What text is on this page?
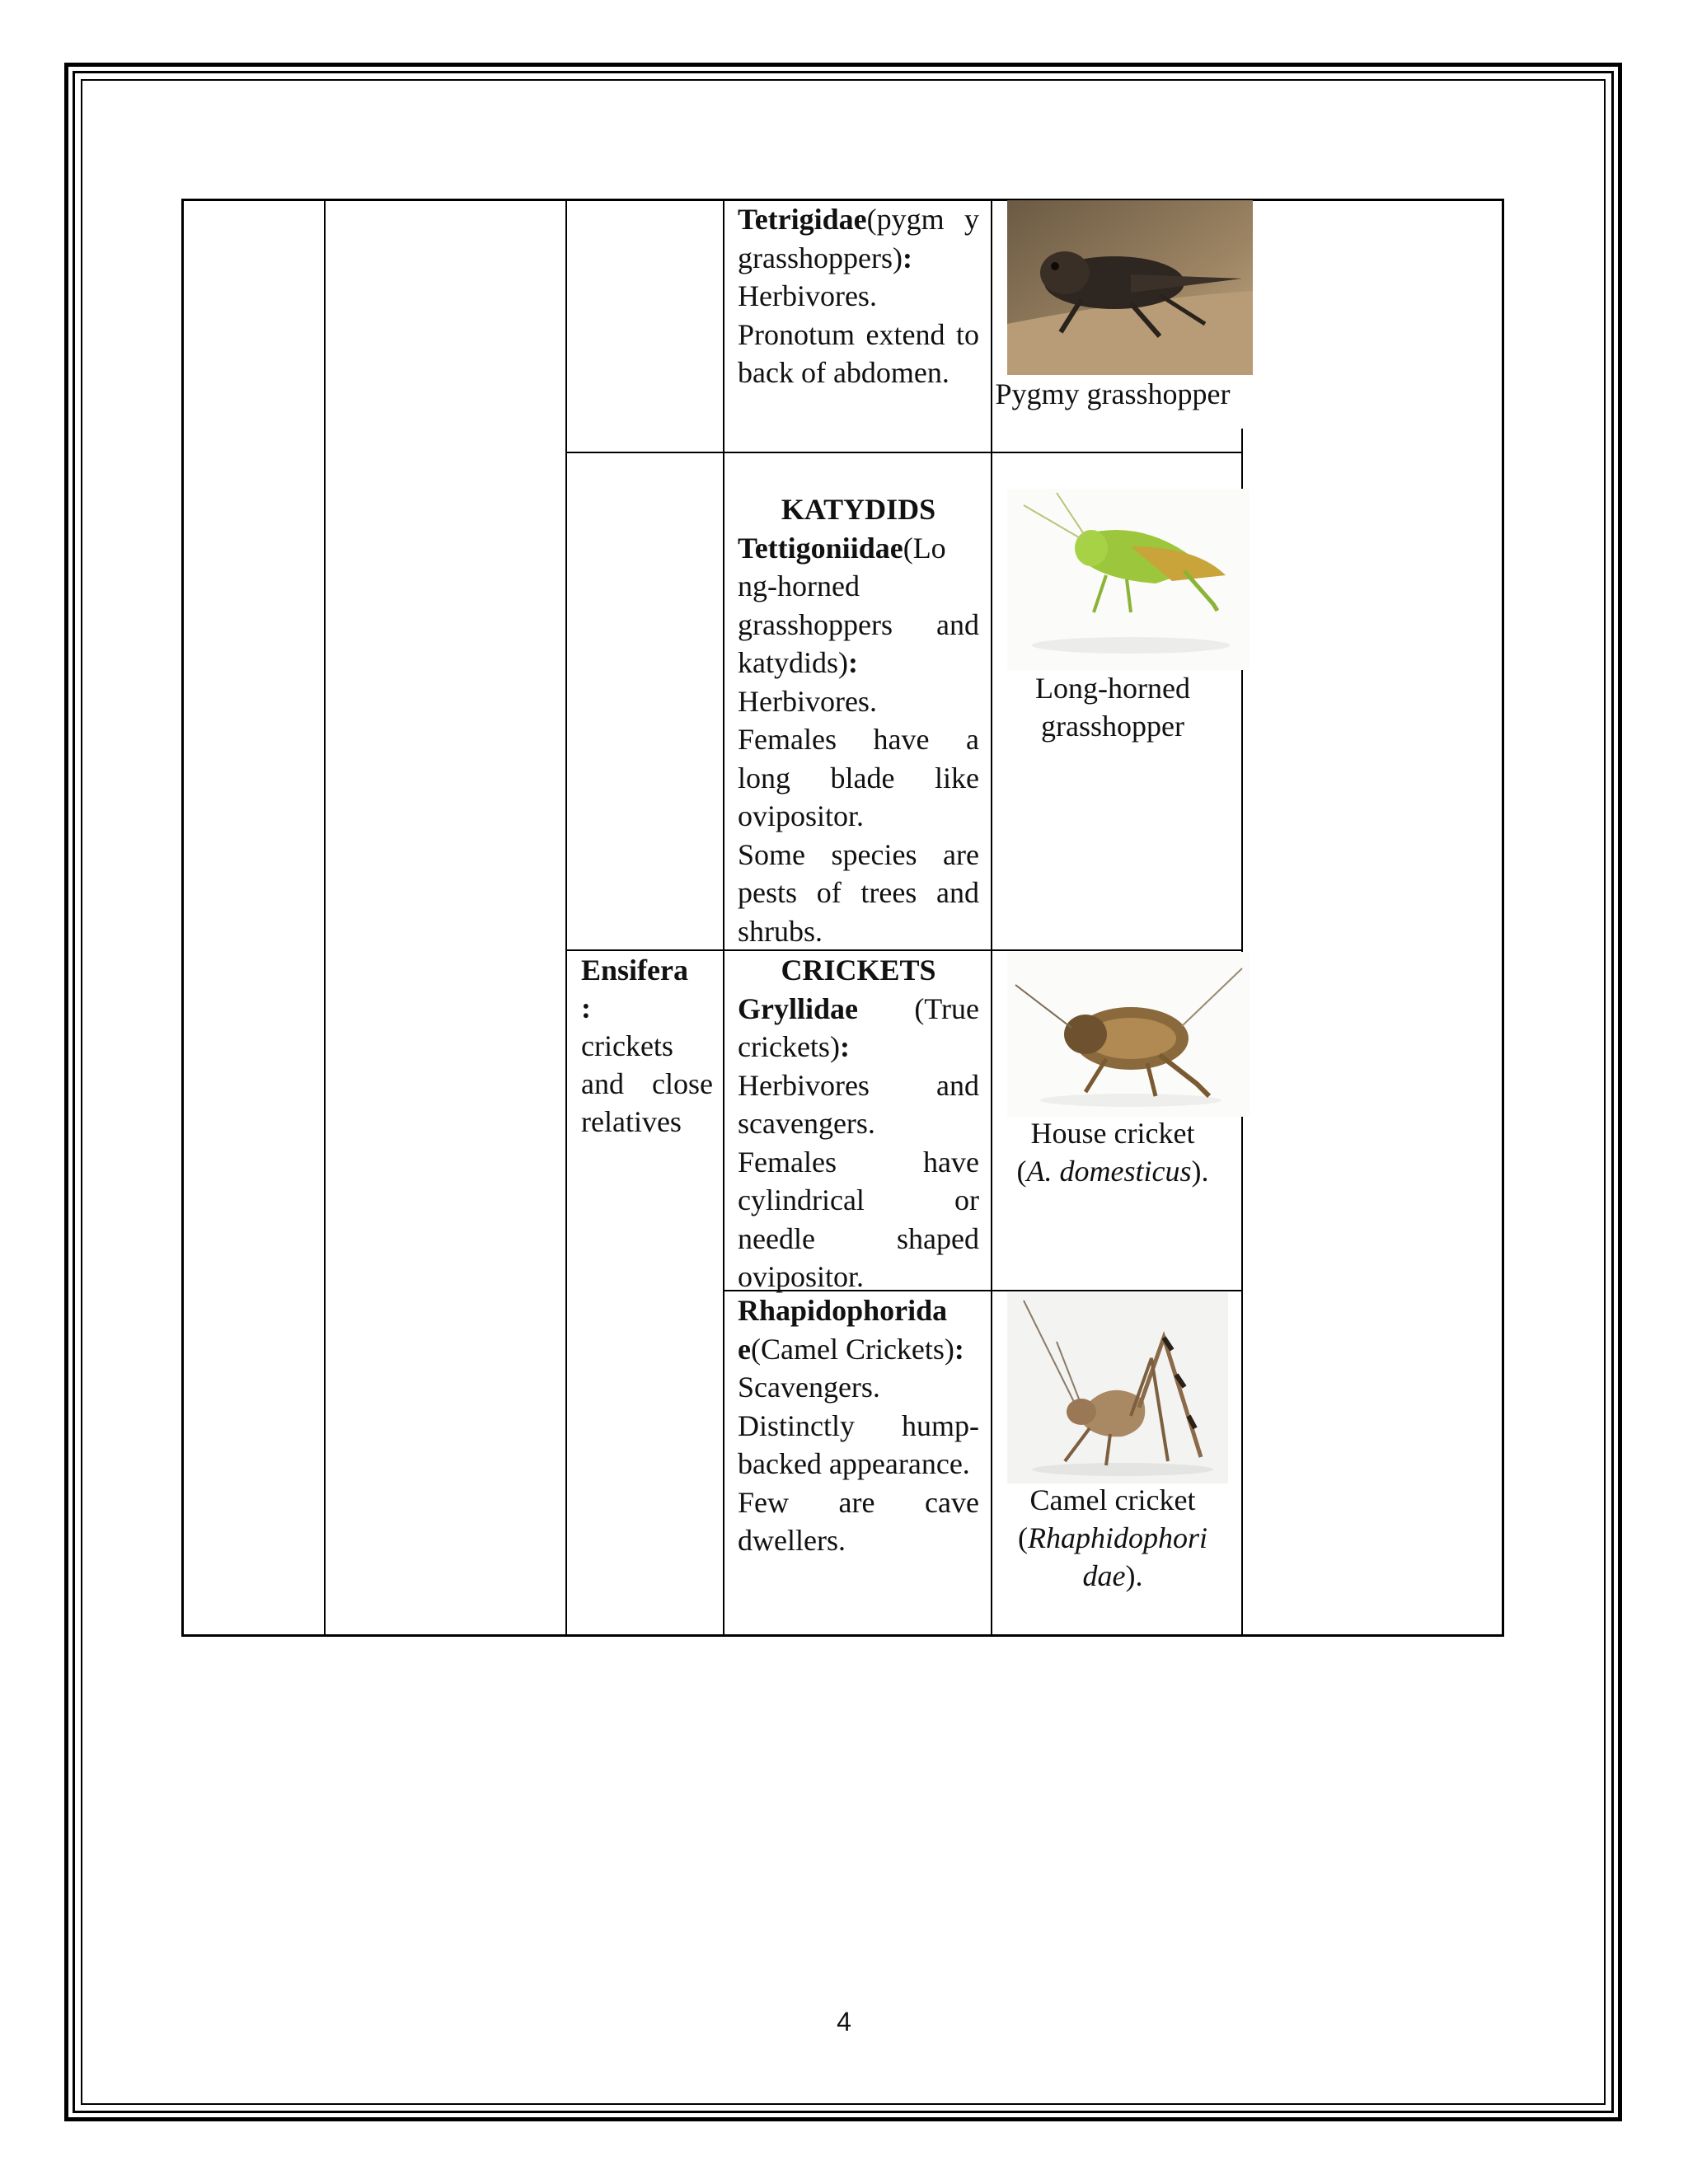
Ensifera
:
crickets and close relatives

Tetrigidae(pygm y grasshoppers):

Herbivores.

Pronotum extend to back of abdomen.

Pygmy grasshopper

KATYDIDS

Tettigoniidae(Lo ng-horned grasshoppers and katydids):

Herbivores.

Females have a long blade like ovipositor.

Some species are pests of trees and shrubs.

Long-horned grasshopper

CRICKETS

Gryllidae (True crickets):

Herbivores and scavengers.

Females have cylindrical or needle shaped ovipositor.

House cricket
(A. domesticus).

Rhapidophorida e(Camel Crickets):

Scavengers.

Distinctly hump-backed appearance.

Few are cave dwellers.

Camel cricket
(Rhaphidophori dae).
4
